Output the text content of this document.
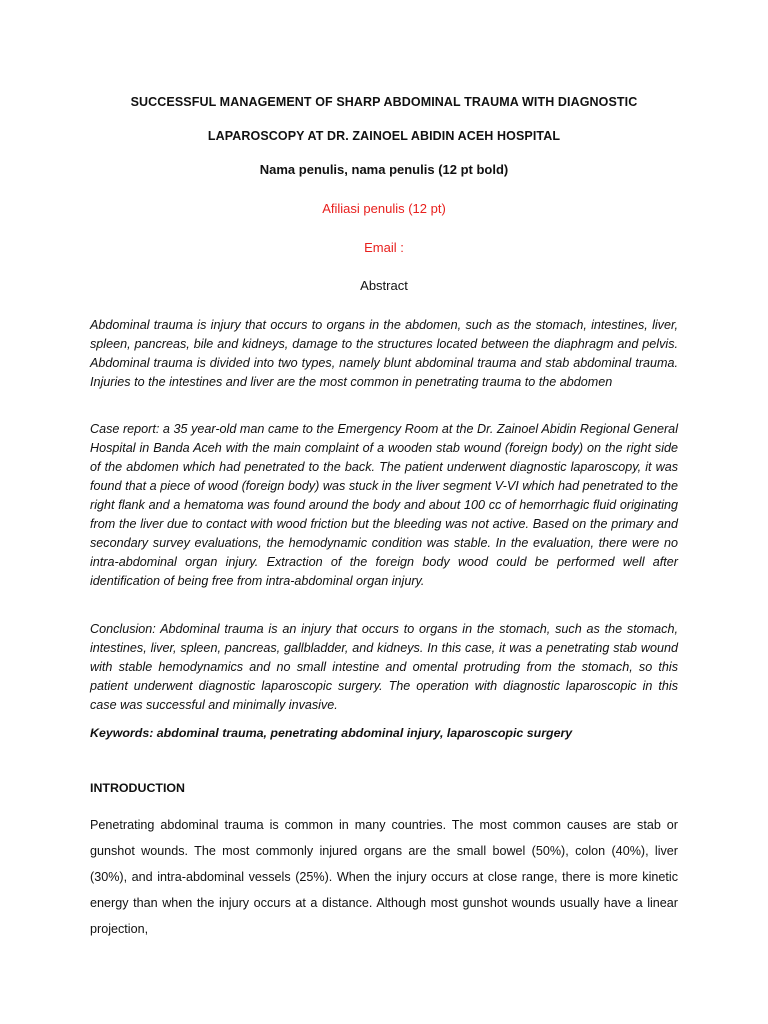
SUCCESSFUL MANAGEMENT OF SHARP ABDOMINAL TRAUMA WITH DIAGNOSTIC
LAPAROSCOPY AT DR. ZAINOEL ABIDIN ACEH HOSPITAL
Nama penulis, nama penulis (12 pt bold)
Afiliasi penulis (12 pt)
Email :
Abstract

Abdominal trauma is injury that occurs to organs in the abdomen, such as the stomach, intestines, liver, spleen, pancreas, bile and kidneys, damage to the structures located between the diaphragm and pelvis. Abdominal trauma is divided into two types, namely blunt abdominal trauma and stab abdominal trauma. Injuries to the intestines and liver are the most common in penetrating trauma to the abdomen

Case report: a 35 year-old man came to the Emergency Room at the Dr. Zainoel Abidin Regional General Hospital in Banda Aceh with the main complaint of a wooden stab wound (foreign body) on the right side of the abdomen which had penetrated to the back. The patient underwent diagnostic laparoscopy, it was found that a piece of wood (foreign body) was stuck in the liver segment V-VI which had penetrated to the right flank and a hematoma was found around the body and about 100 cc of hemorrhagic fluid originating from the liver due to contact with wood friction but the bleeding was not active. Based on the primary and secondary survey evaluations, the hemodynamic condition was stable. In the evaluation, there were no intra-abdominal organ injury. Extraction of the foreign body wood could be performed well after identification of being free from intra-abdominal organ injury.

Conclusion: Abdominal trauma is an injury that occurs to organs in the stomach, such as the stomach, intestines, liver, spleen, pancreas, gallbladder, and kidneys. In this case, it was a penetrating stab wound with stable hemodynamics and no small intestine and omental protruding from the stomach, so this patient underwent diagnostic laparoscopic surgery. The operation with diagnostic laparoscopic in this case was successful and minimally invasive.

Keywords: abdominal trauma, penetrating abdominal injury, laparoscopic surgery

INTRODUCTION

Penetrating abdominal trauma is common in many countries. The most common causes are stab or gunshot wounds. The most commonly injured organs are the small bowel (50%), colon (40%), liver (30%), and intra-abdominal vessels (25%). When the injury occurs at close range, there is more kinetic energy than when the injury occurs at a distance. Although most gunshot wounds usually have a linear projection,
